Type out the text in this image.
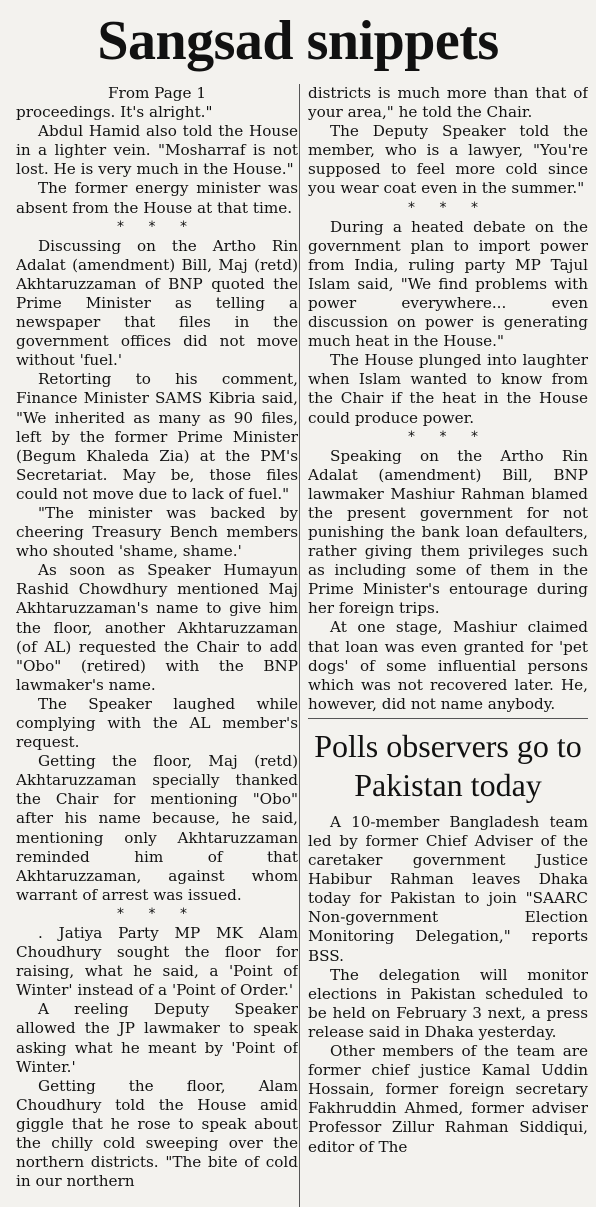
Sangsad snippets

From Page 1

proceedings. It's alright."

Abdul Hamid also told the House in a lighter vein. "Mosharraf is not lost. He is very much in the House."

The former energy minister was absent from the House at that time.

* * *

Discussing on the Artho Rin Adalat (amendment) Bill, Maj (retd) Akhtaruzzaman of BNP quoted the Prime Minister as telling a newspaper that files in the government offices did not move without 'fuel.'

Retorting to his comment, Finance Minister SAMS Kibria said, "We inherited as many as 90 files, left by the former Prime Minister (Begum Khaleda Zia) at the PM's Secretariat. May be, those files could not move due to lack of fuel."

"The minister was backed by cheering Treasury Bench members who shouted 'shame, shame.'

As soon as Speaker Humayun Rashid Chowdhury mentioned Maj Akhtaruzzaman's name to give him the floor, another Akhtaruzzaman (of AL) requested the Chair to add "Obo" (retired) with the BNP lawmaker's name.

The Speaker laughed while complying with the AL member's request.

Getting the floor, Maj (retd) Akhtaruzzaman specially thanked the Chair for mentioning "Obo" after his name because, he said, mentioning only Akhtaruzzaman reminded him of that Akhtaruzzaman, against whom warrant of arrest was issued.

* * *

. Jatiya Party MP MK Alam Choudhury sought the floor for raising, what he said, a 'Point of Winter' instead of a 'Point of Order.'

A reeling Deputy Speaker allowed the JP lawmaker to speak asking what he meant by 'Point of Winter.'

Getting the floor, Alam Choudhury told the House amid giggle that he rose to speak about the chilly cold sweeping over the northern districts. "The bite of cold in our northern

districts is much more than that of your area," he told the Chair.

The Deputy Speaker told the member, who is a lawyer, "You're supposed to feel more cold since you wear coat even in the summer."

* * *

During a heated debate on the government plan to import power from India, ruling party MP Tajul Islam said, "We find problems with power everywhere... even discussion on power is generating much heat in the House."

The House plunged into laughter when Islam wanted to know from the Chair if the heat in the House could produce power.

* * *

Speaking on the Artho Rin Adalat (amendment) Bill, BNP lawmaker Mashiur Rahman blamed the present government for not punishing the bank loan defaulters, rather giving them privileges such as including some of them in the Prime Minister's entourage during her foreign trips.

At one stage, Mashiur claimed that loan was even granted for 'pet dogs' of some influential persons which was not recovered later. He, however, did not name anybody.

Polls observers go to Pakistan today

A 10-member Bangladesh team led by former Chief Adviser of the caretaker government Justice Habibur Rahman leaves Dhaka today for Pakistan to join "SAARC Non-government Election Monitoring Delegation," reports BSS.

The delegation will monitor elections in Pakistan scheduled to be held on February 3 next, a press release said in Dhaka yesterday.

Other members of the team are former chief justice Kamal Uddin Hossain, former foreign secretary Fakhruddin Ahmed, former adviser Professor Zillur Rahman Siddiqui, editor of The
